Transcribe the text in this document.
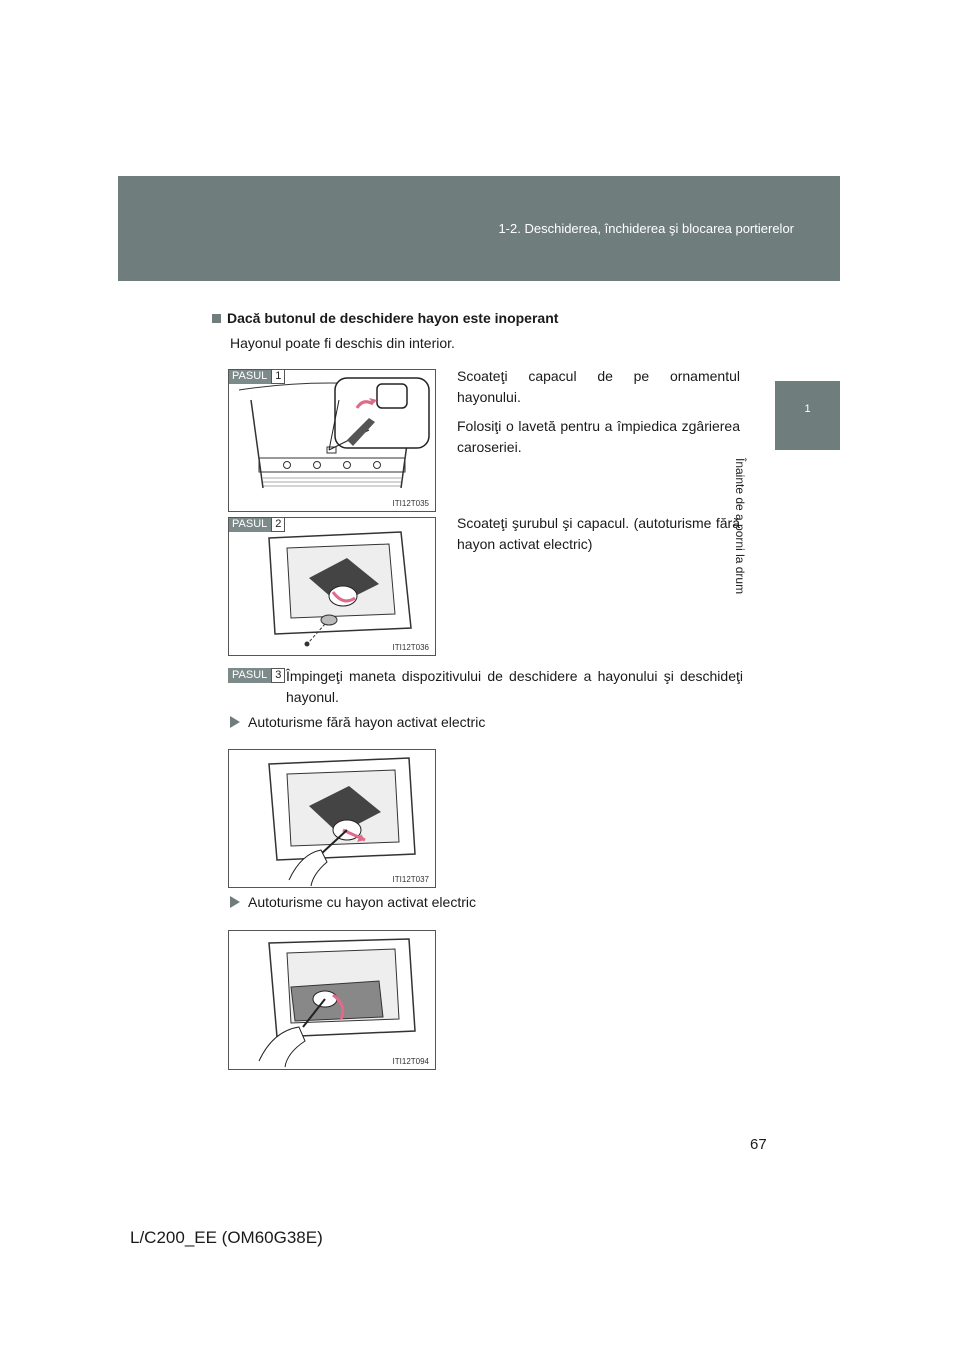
1-2. Deschiderea, închiderea şi blocarea portierelor
1
Înainte de a porni la drum
Dacă butonul de deschidere hayon este inoperant
Hayonul poate fi deschis din interior.
PASUL 1
ITI12T035

Scoateţi capacul de pe ornamentul hayonului.

Folosiţi o lavetă pentru a împiedica zgârierea caroseriei.

PASUL 2
ITI12T036

Scoateţi şurubul şi capacul. (autoturisme fără hayon activat electric)

PASUL 3 Împingeţi maneta dispozitivului de deschidere a hayonului şi deschideţi hayonul.
Autoturisme fără hayon activat electric
ITI12T037
Autoturisme cu hayon activat electric
ITI12T094
67
L/C200_EE (OM60G38E)
